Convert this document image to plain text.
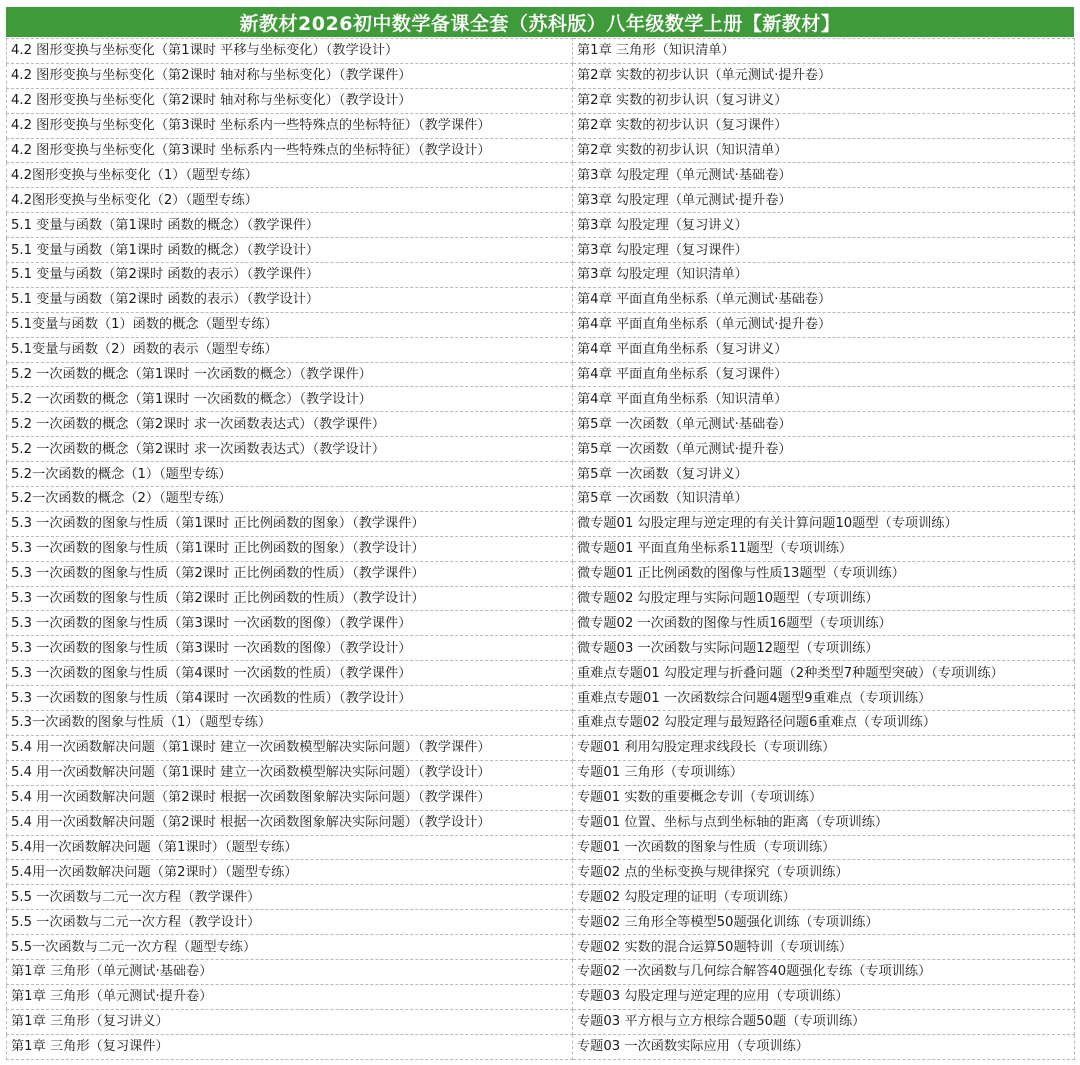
新教材2026初中数学备课全套（苏科版）八年级数学上册【新教材】
4.2 图形变换与坐标变化（第1课时 平移与坐标变化）（教学设计）	第1章 三角形（知识清单）
4.2 图形变换与坐标变化（第2课时 轴对称与坐标变化）（教学课件）	第2章 实数的初步认识（单元测试·提升卷）
4.2 图形变换与坐标变化（第2课时 轴对称与坐标变化）（教学设计）	第2章 实数的初步认识（复习讲义）
4.2 图形变换与坐标变化（第3课时 坐标系内一些特殊点的坐标特征）（教学课件）	第2章 实数的初步认识（复习课件）
4.2 图形变换与坐标变化（第3课时 坐标系内一些特殊点的坐标特征）（教学设计）	第2章 实数的初步认识（知识清单）
4.2图形变换与坐标变化（1）（题型专练）	第3章 勾股定理（单元测试·基础卷）
4.2图形变换与坐标变化（2）（题型专练）	第3章 勾股定理（单元测试·提升卷）
5.1 变量与函数（第1课时 函数的概念）（教学课件）	第3章 勾股定理（复习讲义）
5.1 变量与函数（第1课时 函数的概念）（教学设计）	第3章 勾股定理（复习课件）
5.1 变量与函数（第2课时 函数的表示）（教学课件）	第3章 勾股定理（知识清单）
5.1 变量与函数（第2课时 函数的表示）（教学设计）	第4章 平面直角坐标系（单元测试·基础卷）
5.1变量与函数（1）函数的概念（题型专练）	第4章 平面直角坐标系（单元测试·提升卷）
5.1变量与函数（2）函数的表示（题型专练）	第4章 平面直角坐标系（复习讲义）
5.2 一次函数的概念（第1课时 一次函数的概念）（教学课件）	第4章 平面直角坐标系（复习课件）
5.2 一次函数的概念（第1课时 一次函数的概念）（教学设计）	第4章 平面直角坐标系（知识清单）
5.2 一次函数的概念（第2课时 求一次函数表达式）（教学课件）	第5章 一次函数（单元测试·基础卷）
5.2 一次函数的概念（第2课时 求一次函数表达式）（教学设计）	第5章 一次函数（单元测试·提升卷）
5.2一次函数的概念（1）（题型专练）	第5章 一次函数（复习讲义）
5.2一次函数的概念（2）（题型专练）	第5章 一次函数（知识清单）
5.3 一次函数的图象与性质（第1课时 正比例函数的图象）（教学课件）	微专题01 勾股定理与逆定理的有关计算问题10题型（专项训练）
5.3 一次函数的图象与性质（第1课时 正比例函数的图象）（教学设计）	微专题01 平面直角坐标系11题型（专项训练）
5.3 一次函数的图象与性质（第2课时 正比例函数的性质）（教学课件）	微专题01 正比例函数的图像与性质13题型（专项训练）
5.3 一次函数的图象与性质（第2课时 正比例函数的性质）（教学设计）	微专题02 勾股定理与实际问题10题型（专项训练）
5.3 一次函数的图象与性质（第3课时 一次函数的图像）（教学课件）	微专题02 一次函数的图像与性质16题型（专项训练）
5.3 一次函数的图象与性质（第3课时 一次函数的图像）（教学设计）	微专题03 一次函数与实际问题12题型（专项训练）
5.3 一次函数的图象与性质（第4课时 一次函数的性质）（教学课件）	重难点专题01 勾股定理与折叠问题（2种类型7种题型突破）（专项训练）
5.3 一次函数的图象与性质（第4课时 一次函数的性质）（教学设计）	重难点专题01 一次函数综合问题4题型9重难点（专项训练）
5.3一次函数的图象与性质（1）（题型专练）	重难点专题02 勾股定理与最短路径问题6重难点（专项训练）
5.4 用一次函数解决问题（第1课时 建立一次函数模型解决实际问题）（教学课件）	专题01 利用勾股定理求线段长（专项训练）
5.4 用一次函数解决问题（第1课时 建立一次函数模型解决实际问题）（教学设计）	专题01 三角形（专项训练）
5.4 用一次函数解决问题（第2课时 根据一次函数图象解决实际问题）（教学课件）	专题01 实数的重要概念专训（专项训练）
5.4 用一次函数解决问题（第2课时 根据一次函数图象解决实际问题）（教学设计）	专题01 位置、坐标与点到坐标轴的距离（专项训练）
5.4用一次函数解决问题（第1课时）（题型专练）	专题01 一次函数的图象与性质（专项训练）
5.4用一次函数解决问题（第2课时）（题型专练）	专题02 点的坐标变换与规律探究（专项训练）
5.5 一次函数与二元一次方程（教学课件）	专题02 勾股定理的证明（专项训练）
5.5 一次函数与二元一次方程（教学设计）	专题02 三角形全等模型50题强化训练（专项训练）
5.5一次函数与二元一次方程（题型专练）	专题02 实数的混合运算50题特训（专项训练）
第1章 三角形（单元测试·基础卷）	专题02 一次函数与几何综合解答40题强化专练（专项训练）
第1章 三角形（单元测试·提升卷）	专题03 勾股定理与逆定理的应用（专项训练）
第1章 三角形（复习讲义）	专题03 平方根与立方根综合题50题（专项训练）
第1章 三角形（复习课件）	专题03 一次函数实际应用（专项训练）
